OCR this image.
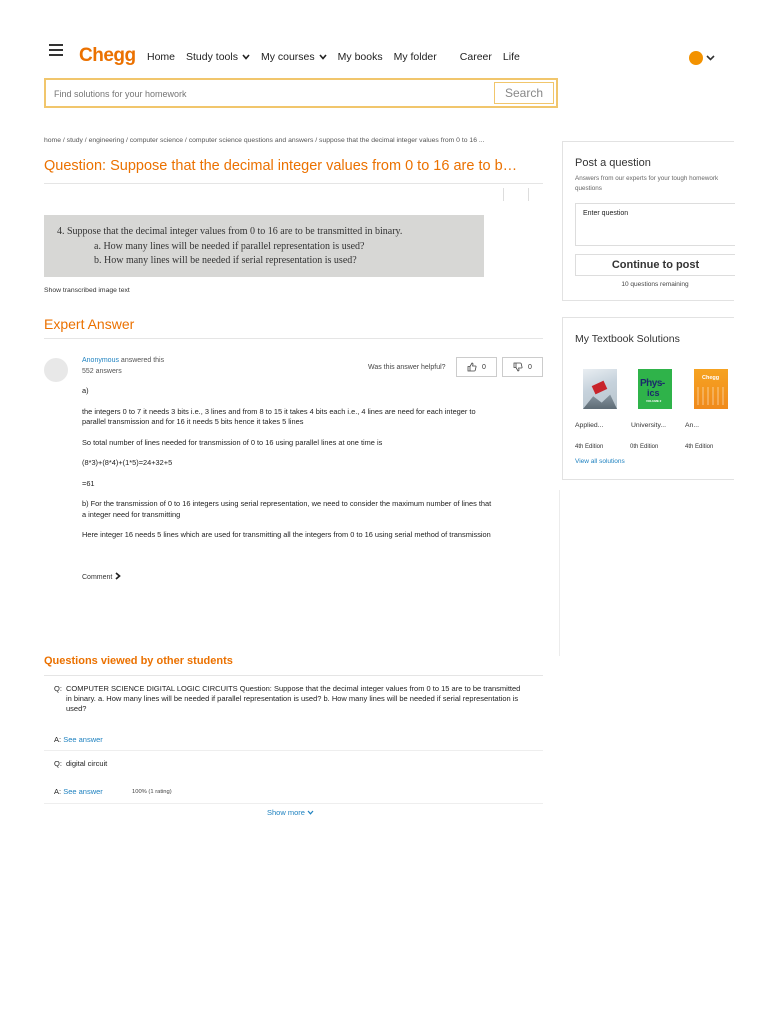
Chegg Home Study tools My courses My books My folder Career Life
Find solutions for your homework
Search
home / study / engineering / computer science / computer science questions and answers / suppose that the decimal integer values from 0 to 16 ...
Question: Suppose that the decimal integer values from 0 to 16 are to b…
4. Suppose that the decimal integer values from 0 to 16 are to be transmitted in binary.
a. How many lines will be needed if parallel representation is used?
b. How many lines will be needed if serial representation is used?
Show transcribed image text
Expert Answer
Anonymous answered this
552 answers
Was this answer helpful?	0	0

a)

the integers 0 to 7 it needs 3 bits i.e., 3 lines and from 8 to 15 it takes 4 bits each i.e., 4 lines are need for each integer to parallel transmission and for 16 it needs 5 bits hence it takes 5 lines

So total number of lines needed for transmission of 0 to 16 using parallel lines at one time is

(8*3)+(8*4)+(1*5)=24+32+5

=61

b) For the transmission of 0 to 16 integers using serial representation, we need to consider the maximum number of lines that a integer need for transmitting

Here integer 16 needs 5 lines which are used for transmitting all the integers from 0 to 16 using serial method of transmission

Comment
Questions viewed by other students
Q: COMPUTER SCIENCE DIGITAL LOGIC CIRCUITS Question: Suppose that the decimal integer values from 0 to 15 are to be transmitted in binary. a. How many lines will be needed if parallel representation is used? b. How many lines will be needed if serial representation is used?
A: See answer
Q: digital circuit
A: See answer	100% (1 rating)
Show more
Post a question
Answers from our experts for your tough homework questions
Enter question
Continue to post
10 questions remaining
My Textbook Solutions
Phys-
ics
VOLUME 2
Chegg
Applied...	University...	An...
4th Edition	0th Edition	4th Edition
View all solutions
